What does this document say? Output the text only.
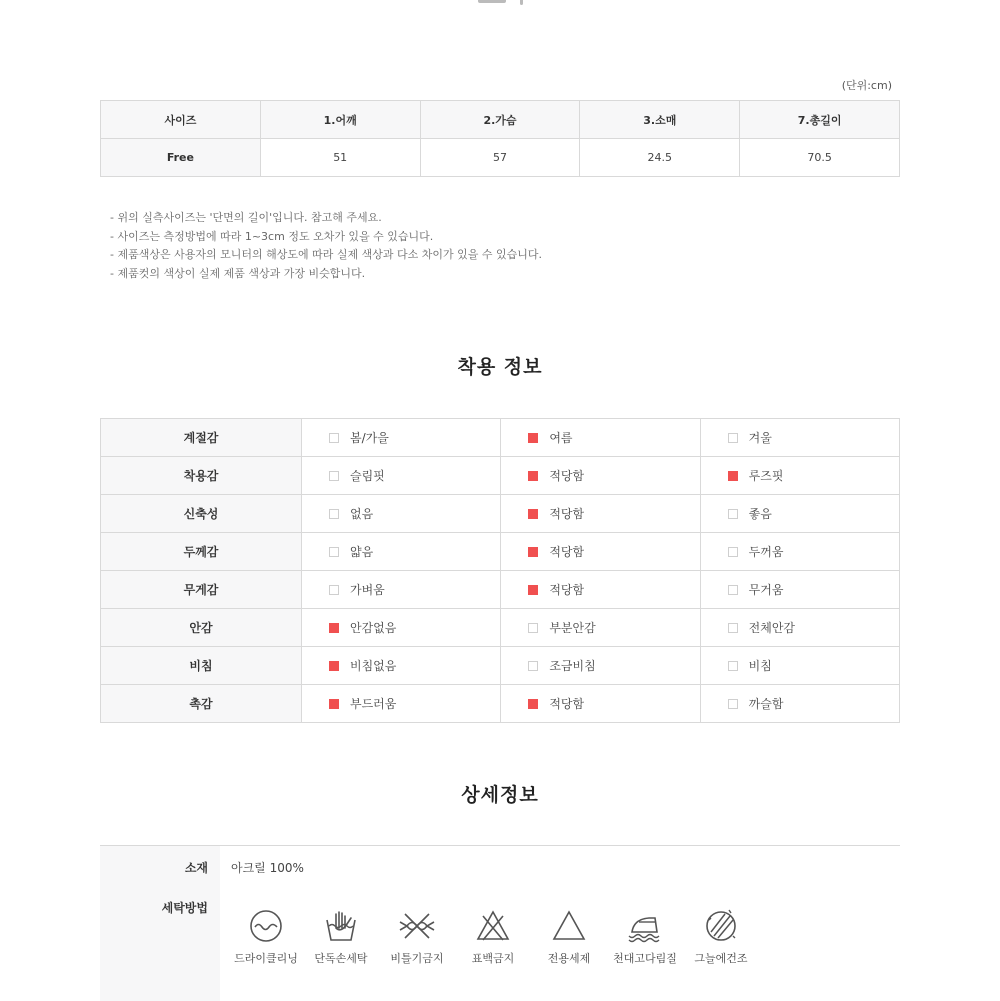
(단위:cm)
사이즈	1.어깨	2.가슴	3.소매	7.총길이
Free	51	57	24.5	70.5
- 위의 실측사이즈는 '단면의 길이'입니다. 참고해 주세요.
- 사이즈는 측정방법에 따라 1~3cm 정도 오차가 있을 수 있습니다.
- 제품색상은 사용자의 모니터의 해상도에 따라 실제 색상과 다소 차이가 있을 수 있습니다.
- 제품컷의 색상이 실제 제품 색상과 가장 비슷합니다.
착용 정보
계절감	봄/가을	여름	겨울
착용감	슬림핏	적당함	루즈핏
신축성	없음	적당함	좋음
두께감	얇음	적당함	두꺼움
무게감	가벼움	적당함	무거움
안감	안감없음	부분안감	전체안감
비침	비침없음	조금비침	비침
촉감	부드러움	적당함	까슬함
상세정보
소재 아크릴 100%
세탁방법
드라이클리닝	단독손세탁	비틀기금지	표백금지	전용세제	천대고다림질	그늘에건조
